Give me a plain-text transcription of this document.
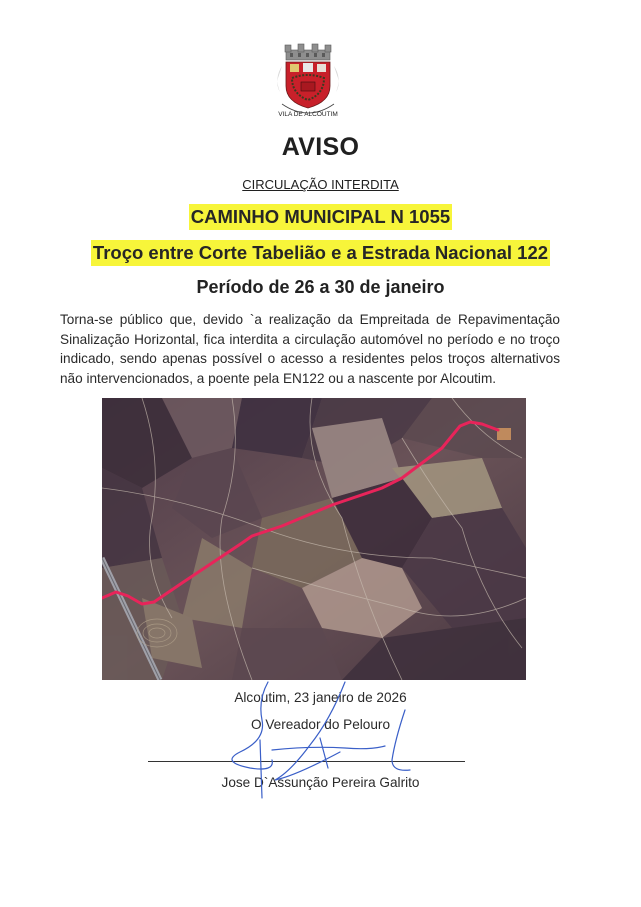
VILA DE ALCOUTIM
AVISO
CIRCULAÇÃO INTERDITA
CAMINHO MUNICIPAL N 1055
Troço entre Corte Tabelião e a Estrada Nacional 122
Período de 26 a 30 de janeiro
Torna-se público que, devido `a realização da Empreitada de Repavimentação Sinalização Horizontal, fica interdita a circulação automóvel no período e no troço indicado, sendo apenas possível o acesso a residentes pelos troços alternativos não intervencionados, a poente pela EN122 ou a nascente por Alcoutim.
Alcoutim, 23 janeiro de 2026
O Vereador do Pelouro
Jose D`Assunção Pereira Galrito
